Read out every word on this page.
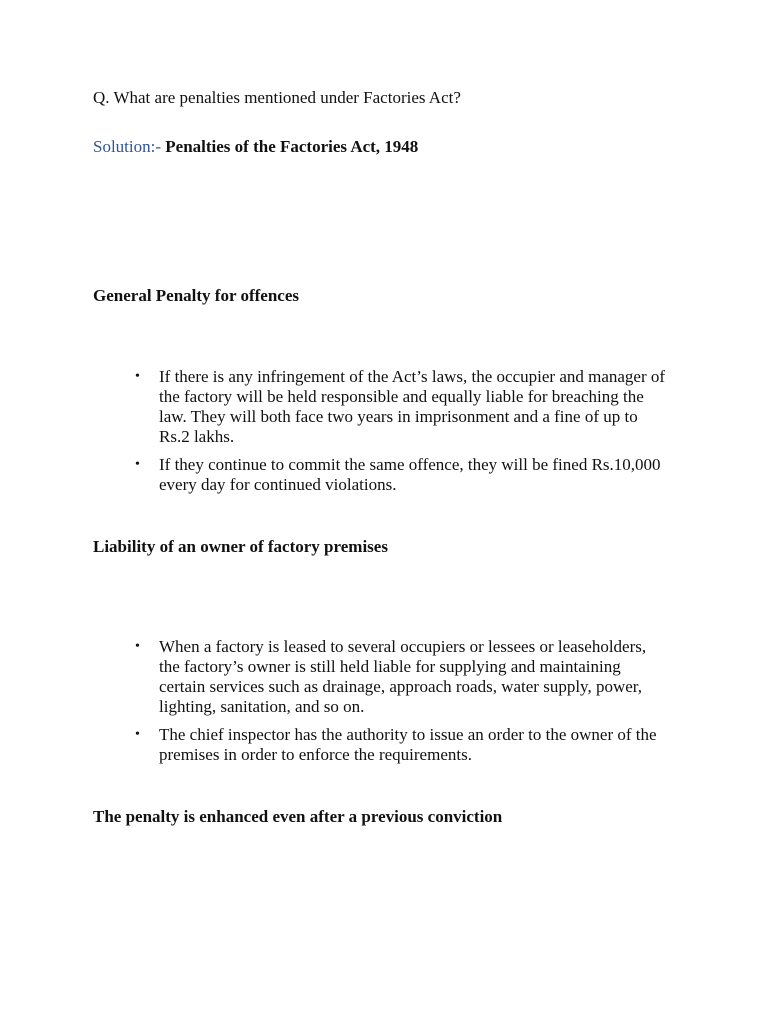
Q. What are penalties mentioned under Factories Act?
Solution:- Penalties of the Factories Act, 1948
General Penalty for offences
• If there is any infringement of the Act’s laws, the occupier and manager of the factory will be held responsible and equally liable for breaching the law. They will both face two years in imprisonment and a fine of up to Rs.2 lakhs.
• If they continue to commit the same offence, they will be fined Rs.10,000 every day for continued violations.
Liability of an owner of factory premises
• When a factory is leased to several occupiers or lessees or leaseholders, the factory’s owner is still held liable for supplying and maintaining certain services such as drainage, approach roads, water supply, power, lighting, sanitation, and so on.
• The chief inspector has the authority to issue an order to the owner of the premises in order to enforce the requirements.
The penalty is enhanced even after a previous conviction
